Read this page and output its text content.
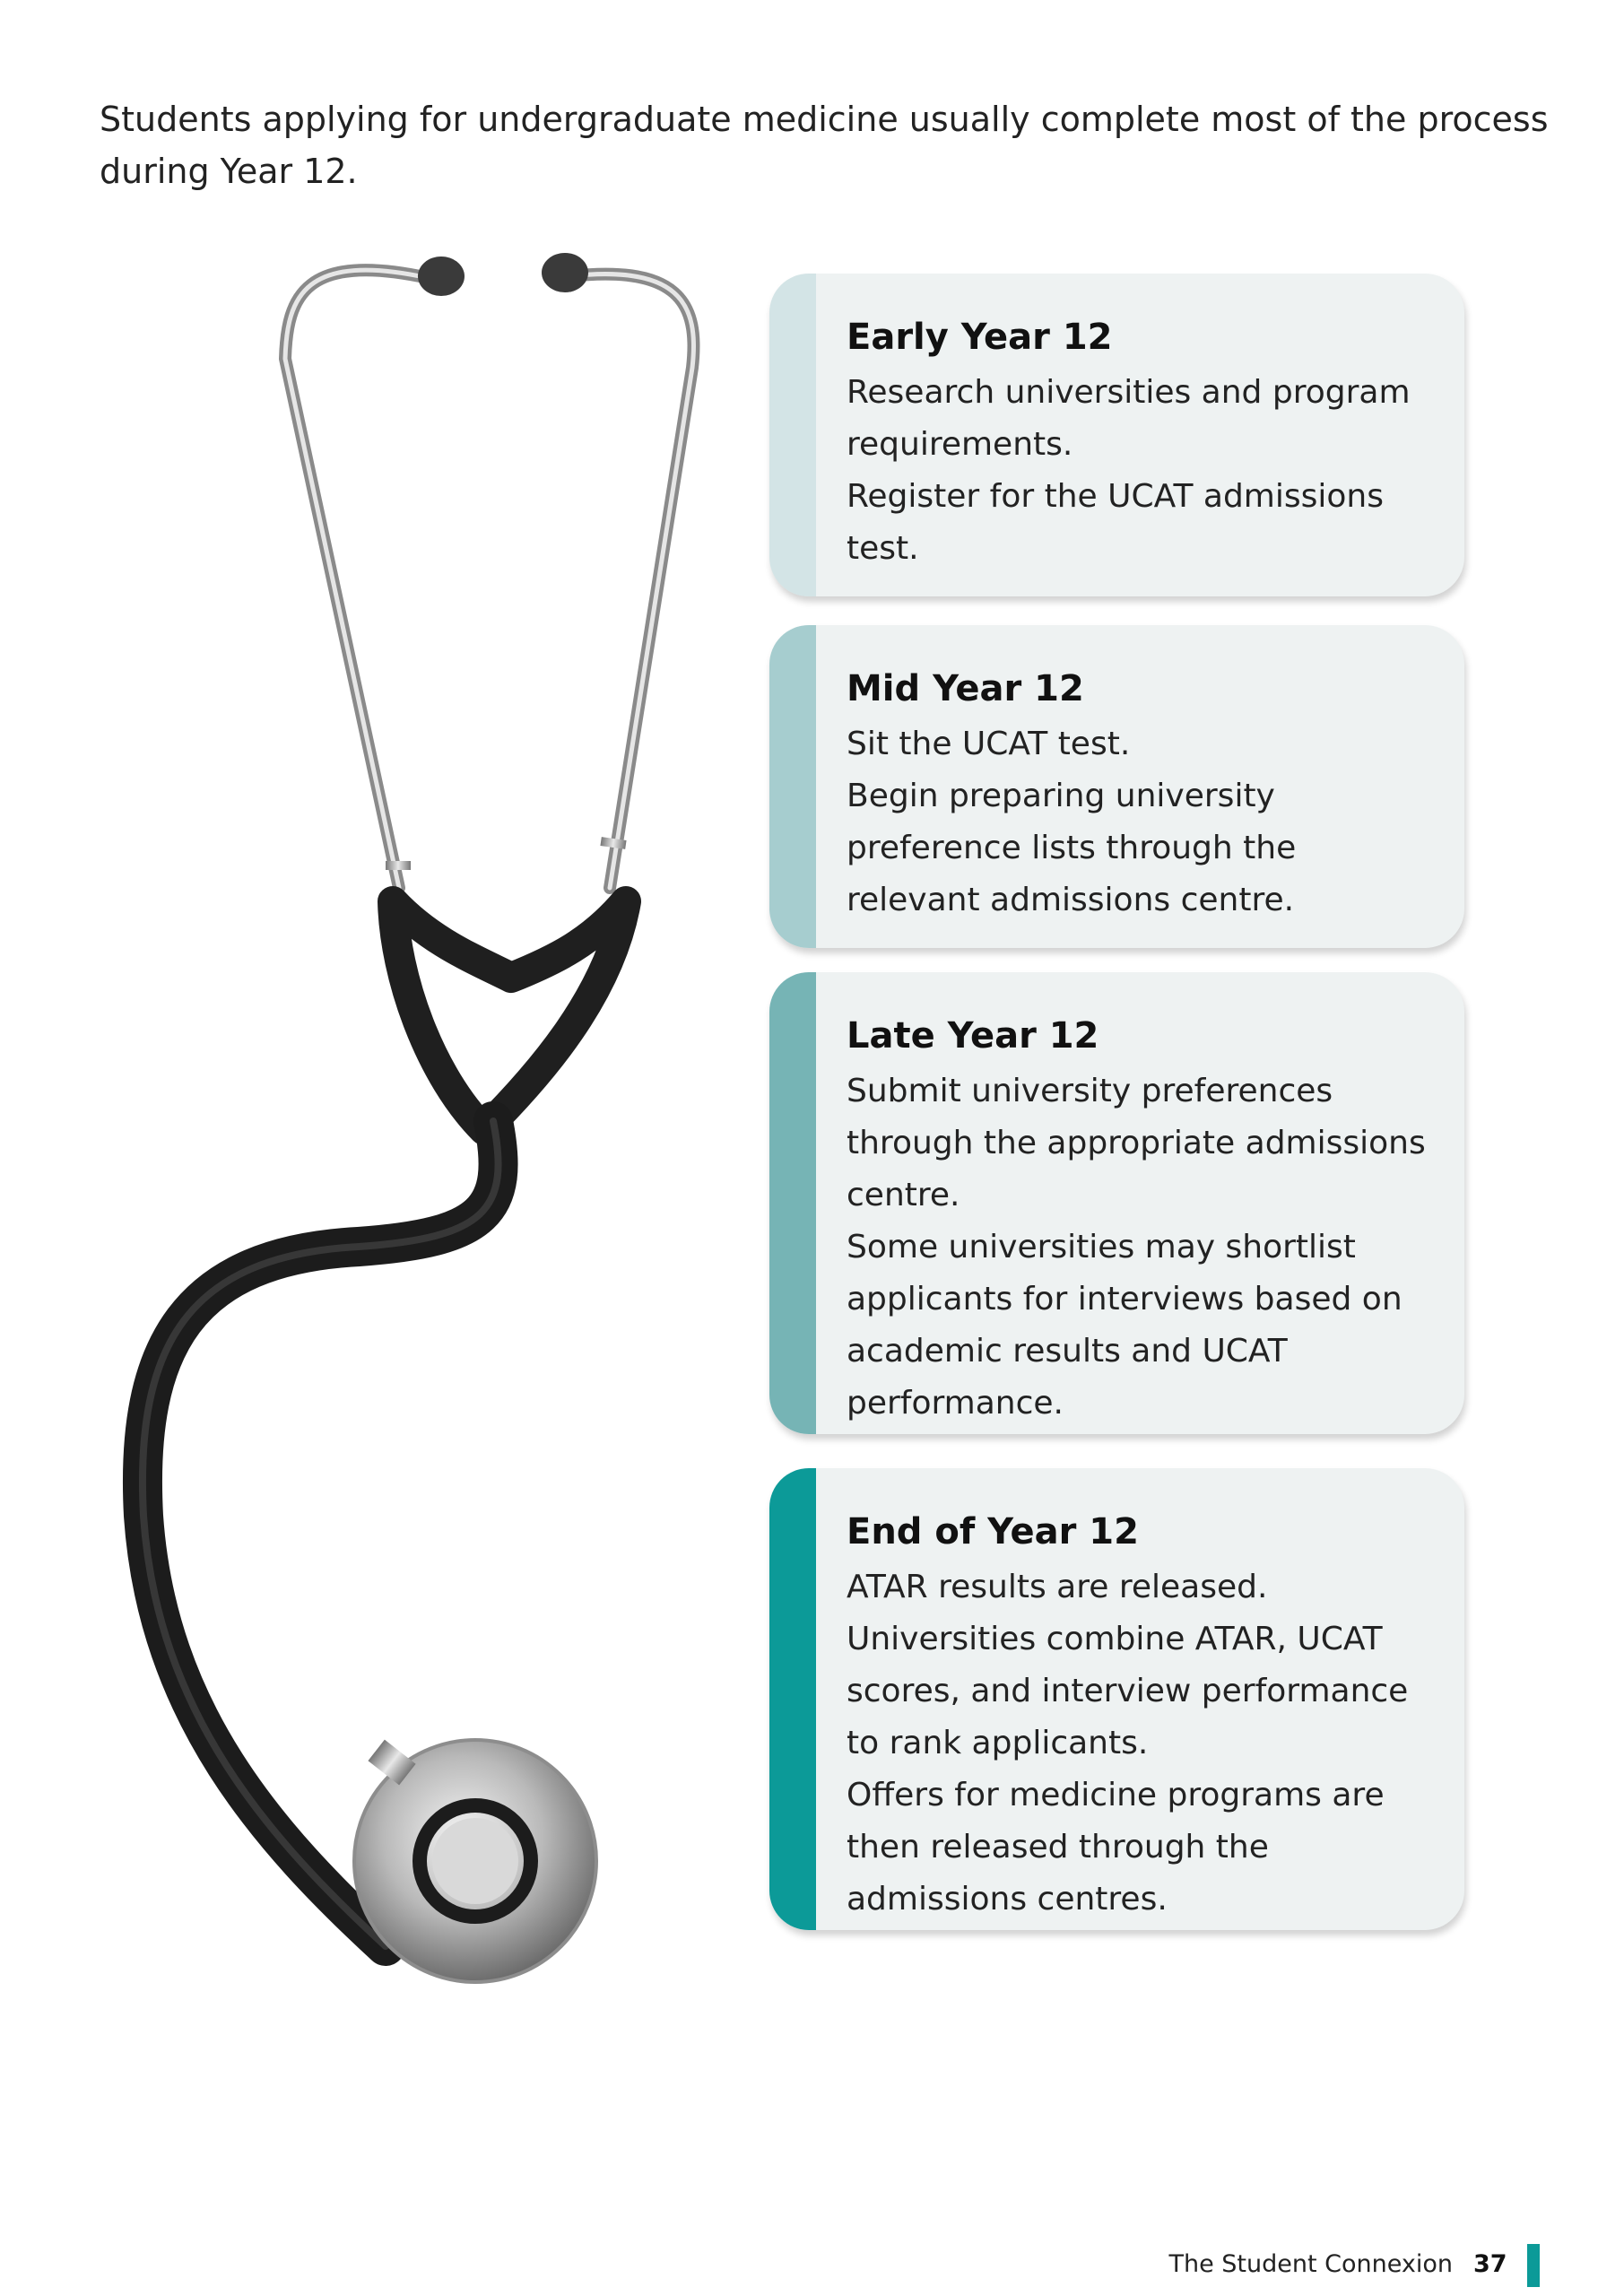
Students applying for undergraduate medicine usually complete most of the process during Year 12.
Early Year 12

Research universities and program requirements.

Register for the UCAT admissions test.

Mid Year 12

Sit the UCAT test.

Begin preparing university preference lists through the relevant admissions centre.

Late Year 12

Submit university preferences through the appropriate admissions centre.

Some universities may shortlist applicants for interviews based on academic results and UCAT performance.

End of Year 12

ATAR results are released.

Universities combine ATAR, UCAT scores, and interview performance to rank applicants.

Offers for medicine programs are then released through the admissions centres.

The Student Connexion 37
